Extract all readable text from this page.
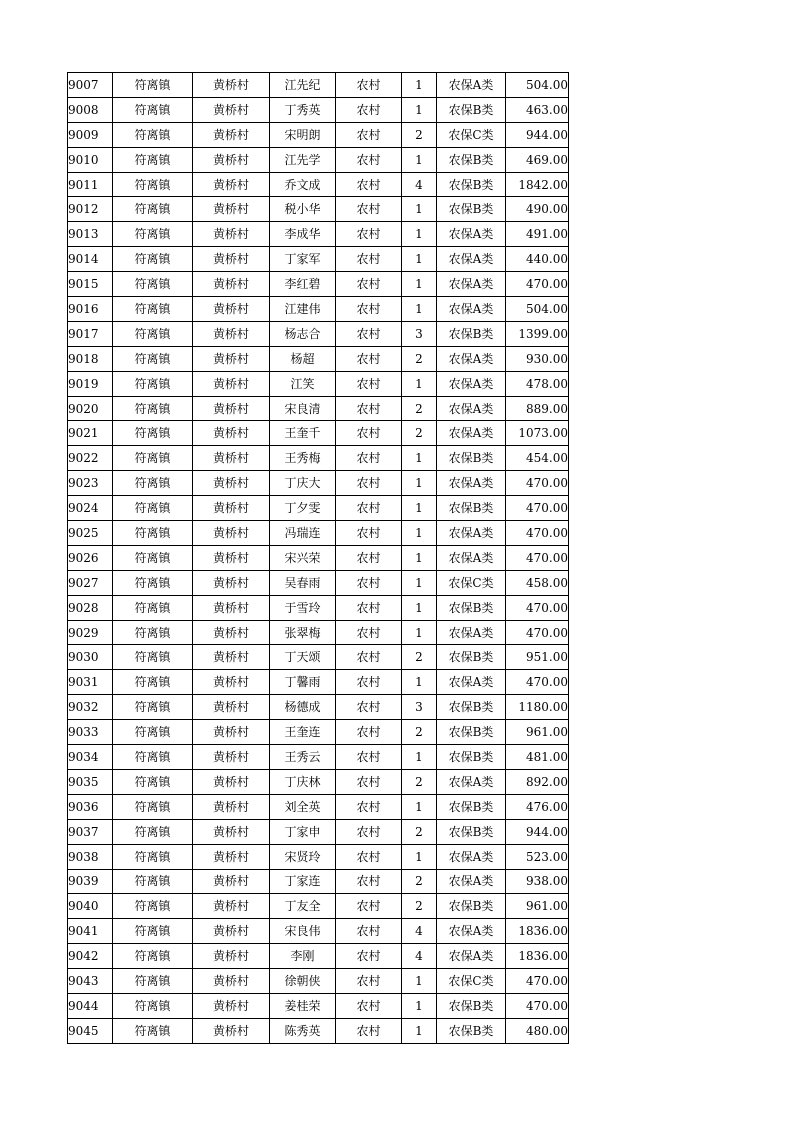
9007	符离镇	黄桥村	江先纪	农村	1	农保A类	504.00
9008	符离镇	黄桥村	丁秀英	农村	1	农保B类	463.00
9009	符离镇	黄桥村	宋明朗	农村	2	农保C类	944.00
9010	符离镇	黄桥村	江先学	农村	1	农保B类	469.00
9011	符离镇	黄桥村	乔文成	农村	4	农保B类	1842.00
9012	符离镇	黄桥村	税小华	农村	1	农保B类	490.00
9013	符离镇	黄桥村	李成华	农村	1	农保A类	491.00
9014	符离镇	黄桥村	丁家军	农村	1	农保A类	440.00
9015	符离镇	黄桥村	李红碧	农村	1	农保A类	470.00
9016	符离镇	黄桥村	江建伟	农村	1	农保A类	504.00
9017	符离镇	黄桥村	杨志合	农村	3	农保B类	1399.00
9018	符离镇	黄桥村	杨超	农村	2	农保A类	930.00
9019	符离镇	黄桥村	江笑	农村	1	农保A类	478.00
9020	符离镇	黄桥村	宋良清	农村	2	农保A类	889.00
9021	符离镇	黄桥村	王奎千	农村	2	农保A类	1073.00
9022	符离镇	黄桥村	王秀梅	农村	1	农保B类	454.00
9023	符离镇	黄桥村	丁庆大	农村	1	农保A类	470.00
9024	符离镇	黄桥村	丁夕雯	农村	1	农保B类	470.00
9025	符离镇	黄桥村	冯瑞连	农村	1	农保A类	470.00
9026	符离镇	黄桥村	宋兴荣	农村	1	农保A类	470.00
9027	符离镇	黄桥村	吴春雨	农村	1	农保C类	458.00
9028	符离镇	黄桥村	于雪玲	农村	1	农保B类	470.00
9029	符离镇	黄桥村	张翠梅	农村	1	农保A类	470.00
9030	符离镇	黄桥村	丁天颂	农村	2	农保B类	951.00
9031	符离镇	黄桥村	丁馨雨	农村	1	农保A类	470.00
9032	符离镇	黄桥村	杨德成	农村	3	农保B类	1180.00
9033	符离镇	黄桥村	王奎连	农村	2	农保B类	961.00
9034	符离镇	黄桥村	王秀云	农村	1	农保B类	481.00
9035	符离镇	黄桥村	丁庆林	农村	2	农保A类	892.00
9036	符离镇	黄桥村	刘全英	农村	1	农保B类	476.00
9037	符离镇	黄桥村	丁家申	农村	2	农保B类	944.00
9038	符离镇	黄桥村	宋贤玲	农村	1	农保A类	523.00
9039	符离镇	黄桥村	丁家连	农村	2	农保A类	938.00
9040	符离镇	黄桥村	丁友全	农村	2	农保B类	961.00
9041	符离镇	黄桥村	宋良伟	农村	4	农保A类	1836.00
9042	符离镇	黄桥村	李刚	农村	4	农保A类	1836.00
9043	符离镇	黄桥村	徐朝侠	农村	1	农保C类	470.00
9044	符离镇	黄桥村	姜桂荣	农村	1	农保B类	470.00
9045	符离镇	黄桥村	陈秀英	农村	1	农保B类	480.00
